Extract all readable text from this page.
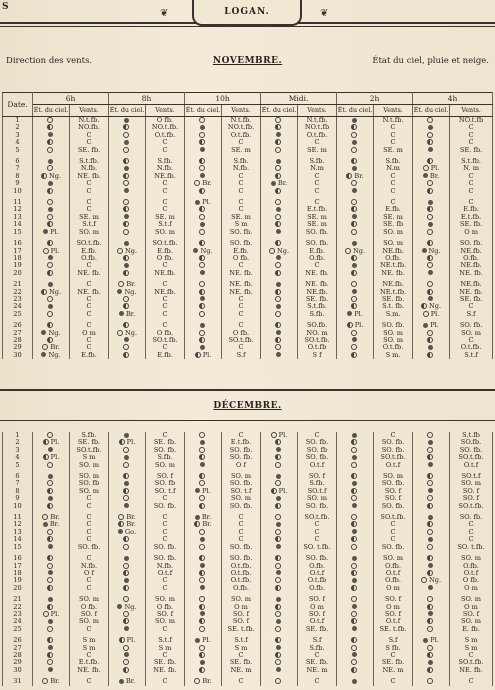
S
❦	❦
LOGAN.
Direction des vents.	NOVEMBRE.	État du ciel, pluie et neige.
Date.	6h		8h		10h		Midi.		2h		4h	
	Ét. du ciel.	Vents.	Ét. du ciel.	Vents.	Ét. du ciel.	Vents.	Ét. du ciel.	Vents.	Ét. du ciel.	Vents.	Ét. du ciel.	Vents.
1		N.t.fb.		O fb.		N.t.fb.		N.t.fb.		N.t.fb.		NO.t.fb
2		NO.fb.		NO.t.fb.		NO.t.fb.		NO.t.fb		C		C
3		C		O.t.fb.		O.t.fb.		O.t.fb.		C		C
4		C		C		C		C		C		C
5		SE. fb.		C		SE. m		SE. m		SE. m		SE. fb.

6		S.t.fb.		S.fb.		S.fb.		S.fb.		S.fb.		S.t.fb.
7		N.fb.		N.fb.		N.fb.		N.m		N.m	Pl.	N. m
8	Ng.	NE. fb.		NE.fb.		C		C	Br.	C	Br.	C
9		C		C	Br.	C	Br.	C		C		C
10		C		C		C		C		C		C

11		C		C	Pl.	C		C		C		C
12		C		C		C		E.t.fb.		E.fb.		E.fb.
13		SE. m		SE. m		SE. m		SE. m		SE. m		E.t.fb.
14		S.t.f		S.t.f		S m		SE. m		SE. fb		SE. fb.
15	Pl.	SO. m		SO. m		SO. fb.		SO. fb.		SO. m		O m

16		SO.t.fb.		SO.t.fb.		SO. fb.		SO. fb.		SO. m		SO. fb.
17	Pl.	E.fb.	Ng.	E.fb.	Ng.	E.fb.	Ng.	E.fb.	Ng.	NE.fb.	Ng.	NE.fb.
18		O.fb.		O fb.		O fb.		O.fb.		O.fb.		O.fb.
19		C		C		C		C		NE.t.fb.		NE.fb.
20		NE. fb.		NE.fb.		NE. fb.		NE. fb.		NE. fb.		NE. fb.

21		C	Br.	C		NE. fb.		NE. fb.		NE.fb.		NE.fb.
22	Ng.	NE. fb.	Ng.	NE.fb.		NE. fb.		NE.fb.		NE.t.fb.		NE. fb.
23		C		C		C		SE. fb.		SE. fb.		SE. fb.
24		C		C		C		S.t.fb.		S.t. fb.	Ng.	C
25		C	Br.	C		C		S.fb.	Pl.	S.m.	Pl.	S.f

26		C		C		C		SO.fb.	Pl.	SO. fb.	Pl.	SO. fb.
27	Ng.	O m	Ng.	O fb.		O fb.		NO. m		SO. m		SO. m
28		C		SO.t.fb.		SO.t.fb.		SO.t.fb.		SO. m		C
29	Br.	C		C		C		O.t.fb		O.t.fb.		O.t.fb.
30	Ng.	E.fb.		E.fb.	Pl.	S.f		S f		S m.		S.t.f
DÉCEMBRE.
1		S.fb.		C		C	Pl.	C		C		S.t.fb
2	Pl.	SE. fb.	Pl.	SE. fb.		E.t.fb.		SO. fb.		SO. fb.		SO.fb.
3		SO.t.fb.		SO. fb.		SO. fb.		SO. fb		SO. fb.		SO. fb.
4	Pl.	S m		S.fb.		SO. fb.		SO. fb.		SO.t.fb.		SO.t.fb.
5		SO. m		SO. m		O f		O.t.f		O.t.f		O.t.f

6		SO. m		SO. f		SO. m		SO. f		SO. m		SO.t.f
7		SO. fb		SO. fb		SO. fb.		S.fb.		SO. fb.		SO. m
8		SO. m		SO. t.f	Pl.	SO. t.f	Pl.	SO.t.f		SO. f		SO. f
9		C		C		SO. m		SO. m		SO. f		SO. f
10		C		SO. fb.		SO. fb.		SO. fb.		SO. fb.		SO.t.fb.

11	Br.	C	Br.	C	Br.	C		SO.t.fb.		SO.t.fb.		SO. fb.
12	Br.	C	Br.	C	Br.	C		C		C		C
13		C	Go.	C		C		C		C		C
14		C		C		C		C		C		C
15		SO. fb.		SO. fb.		SO. fb.		SO. t.fb.		SO. fb.		SO. t.fb.

16		C		SO. fb.		SO. fb.		SO. fb.		SO. m		SO. m
17		N.fb.		N.fb.		O.t.fb.		O.fb.		O.fb.		O.fb.
18		O f		O.t.f		O.t.fb.		O.t.f		O.t.f		O.t.f
19		C		C		O.t.fb.		O.t.fb		O.fb.	Ng.	O fb.
20		C		C		O.fb.		O.fb.		O m		O m

21		SO. m		SO. m		SO. m		SO. f		SO. f		SO. m
22		O fb.	Ng.	O fb.		O m		O m		O m		O m
23	Pl.	SO. f		SO. f		SO. f		SO. f		SO. f		SO. f
24		SO. m		SO. m		SO. f		O.t.f		O.t.f		SO. m
25		C		C		SE. t.fb.		SE. fb.		SE. t.fb.		E. fb.

26		S m	Pl.	S.t.f	Pl.	S.t.f		S.f		S.f	Pl.	S m
27		S m		S m		S m		S.fb.		S fb.		S m
28		C		C		C		C		C		C
29		E.t.fb.		SE. fb.		SE. fb.		SE. fb.		SE. fb.		SO.t.fb.
30		NE. fb.		NE. fb.		NE. m		NE. m		NE. m		NE. fb.

31	Br.	C	Br.	C	Br.	C		C		C		C
